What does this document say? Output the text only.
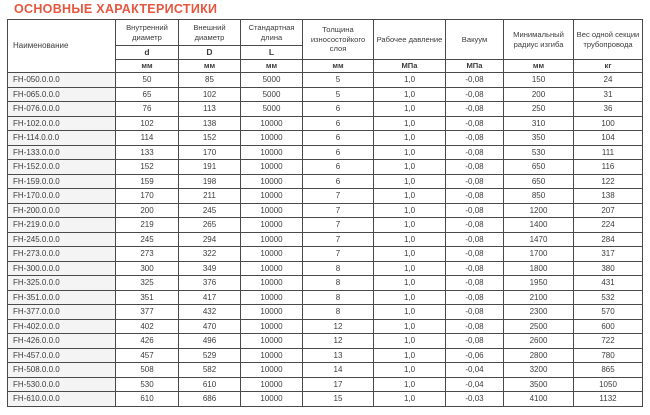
ОСНОВНЫЕ ХАРАКТЕРИСТИКИ
Наименование	Внутренний диаметр	Внешний диаметр	Стандартная длина	Толщина износостойкого слоя	Рабочее давление	Вакуум	Минимальный радиус изгиба	Вес одной секции трубопровода
	d	D	L					
	мм	мм	мм	мм	МПа	МПа	мм	кг
FH-050.0.0.0	50	85	5000	5	1,0	-0,08	150	24
FH-065.0.0.0	65	102	5000	5	1,0	-0,08	200	31
FH-076.0.0.0	76	113	5000	6	1,0	-0,08	250	36
FH-102.0.0.0	102	138	10000	6	1,0	-0,08	310	100
FH-114.0.0.0	114	152	10000	6	1,0	-0,08	350	104
FH-133.0.0.0	133	170	10000	6	1,0	-0,08	530	111
FH-152.0.0.0	152	191	10000	6	1,0	-0,08	650	116
FH-159.0.0.0	159	198	10000	6	1,0	-0,08	650	122
FH-170.0.0.0	170	211	10000	7	1,0	-0,08	850	138
FH-200.0.0.0	200	245	10000	7	1,0	-0,08	1200	207
FH-219.0.0.0	219	265	10000	7	1,0	-0,08	1400	224
FH-245.0.0.0	245	294	10000	7	1,0	-0,08	1470	284
FH-273.0.0.0	273	322	10000	7	1,0	-0,08	1700	317
FH-300.0.0.0	300	349	10000	8	1,0	-0,08	1800	380
FH-325.0.0.0	325	376	10000	8	1,0	-0,08	1950	431
FH-351.0.0.0	351	417	10000	8	1,0	-0,08	2100	532
FH-377.0.0.0	377	432	10000	8	1,0	-0,08	2300	570
FH-402.0.0.0	402	470	10000	12	1,0	-0,08	2500	600
FH-426.0.0.0	426	496	10000	12	1,0	-0,08	2600	722
FH-457.0.0.0	457	529	10000	13	1,0	-0,06	2800	780
FH-508.0.0.0	508	582	10000	14	1,0	-0,04	3200	865
FH-530.0.0.0	530	610	10000	17	1,0	-0,04	3500	1050
FH-610.0.0.0	610	686	10000	15	1,0	-0,03	4100	1132
